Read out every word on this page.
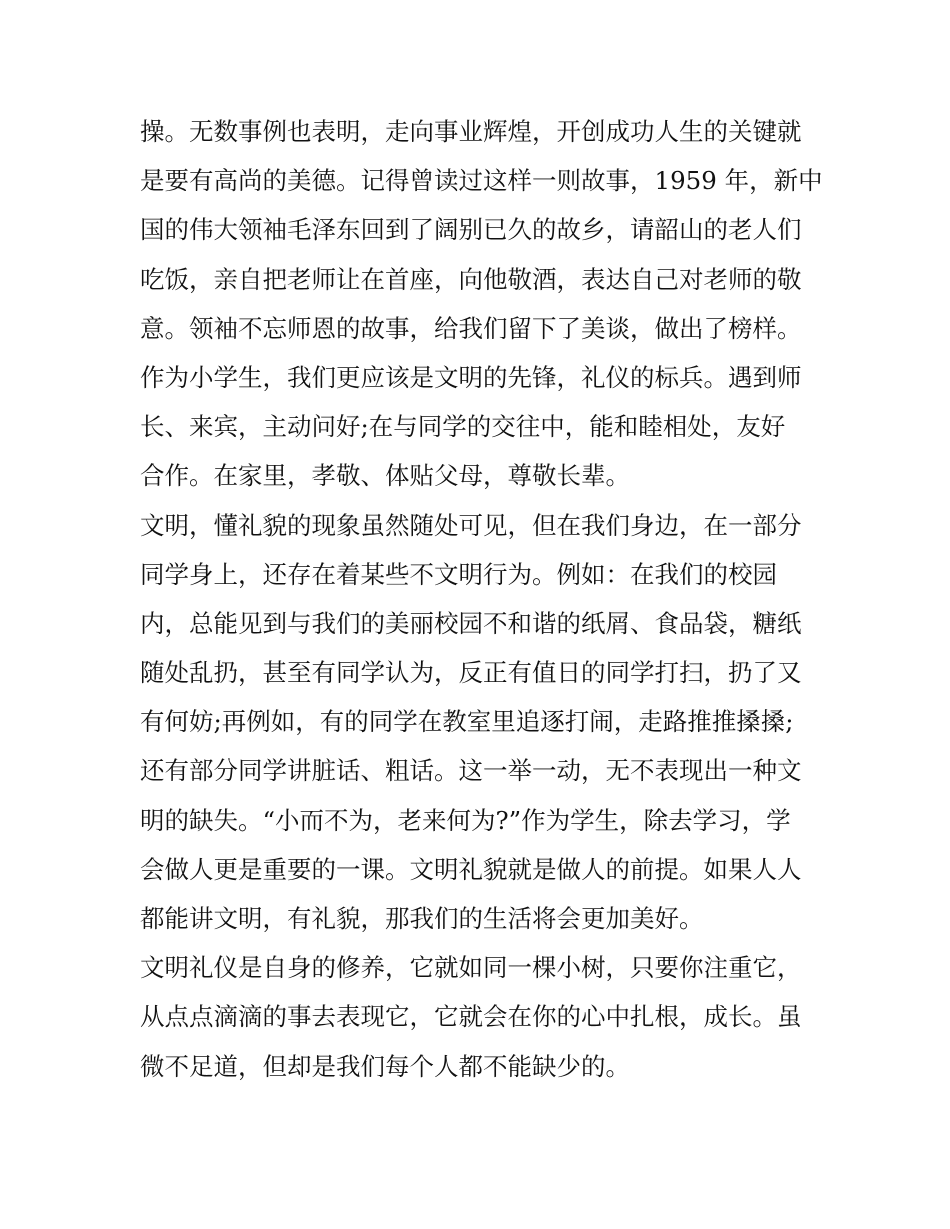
操。无数事例也表明，走向事业辉煌，开创成功人生的关键就
是要有高尚的美德。记得曾读过这样一则故事，1959 年，新中
国的伟大领袖毛泽东回到了阔别已久的故乡，请韶山的老人们
吃饭，亲自把老师让在首座，向他敬酒，表达自己对老师的敬
意。领袖不忘师恩的故事，给我们留下了美谈，做出了榜样。
作为小学生，我们更应该是文明的先锋，礼仪的标兵。遇到师
长、来宾，主动问好;在与同学的交往中，能和睦相处，友好
合作。在家里，孝敬、体贴父母，尊敬长辈。
文明，懂礼貌的现象虽然随处可见，但在我们身边，在一部分
同学身上，还存在着某些不文明行为。例如：在我们的校园
内，总能见到与我们的美丽校园不和谐的纸屑、食品袋，糖纸
随处乱扔，甚至有同学认为，反正有值日的同学打扫，扔了又
有何妨;再例如，有的同学在教室里追逐打闹，走路推推搡搡;
还有部分同学讲脏话、粗话。这一举一动，无不表现出一种文
明的缺失。“小而不为，老来何为?”作为学生，除去学习，学
会做人更是重要的一课。文明礼貌就是做人的前提。如果人人
都能讲文明，有礼貌，那我们的生活将会更加美好。
文明礼仪是自身的修养，它就如同一棵小树，只要你注重它，
从点点滴滴的事去表现它，它就会在你的心中扎根，成长。虽
微不足道，但却是我们每个人都不能缺少的。
